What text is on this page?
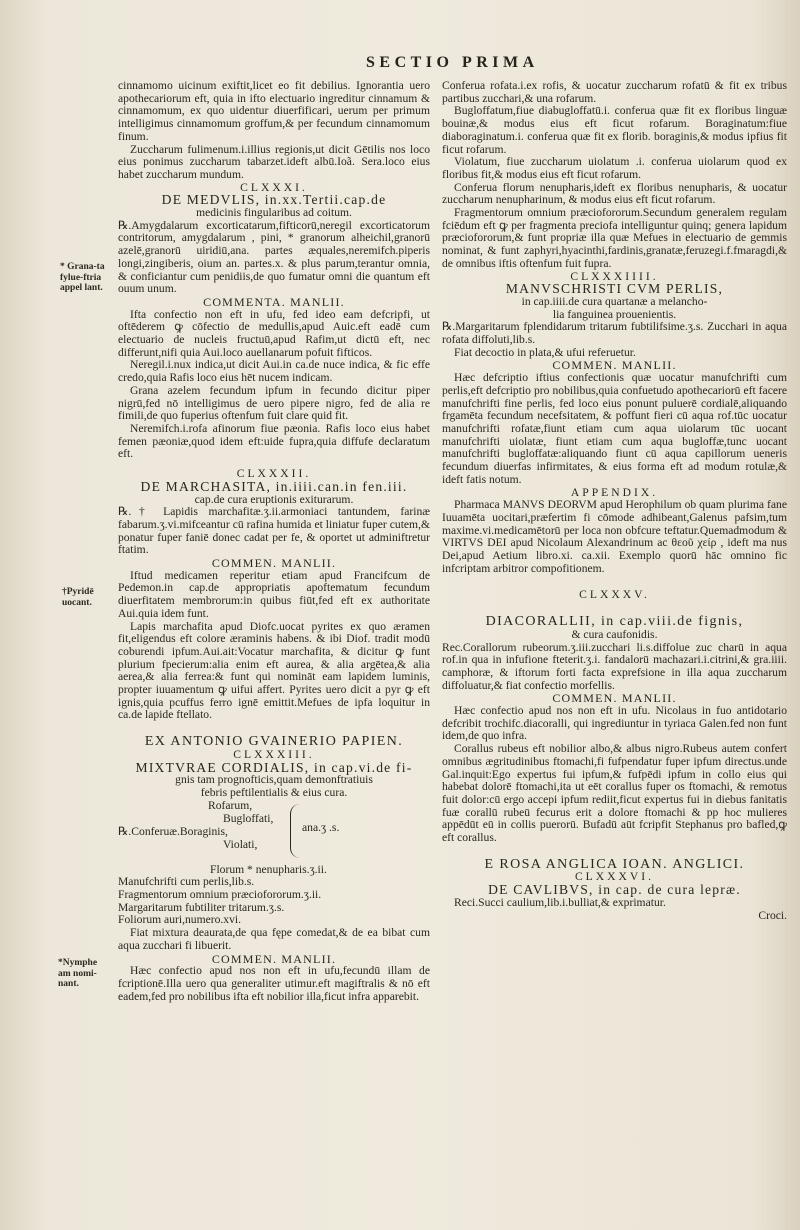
SECTIO PRIMA
* Grana-ta fylue-ftria appel lant.
†Pyridē uocant.
*Nymphe am nomi-nant.

cinnamomo uicinum exiftit,licet eo fit debilius. Ignorantia uero apothecariorum eft, quia in ifto electuario ingreditur cinnamum & cinnamomum, ex quo uidentur diuerfificari, uerum per primum intelligimus cinnamomum groffum,& per fecundum cinnamomum finum.

Zuccharum fulimenum.i.illius regionis,ut dicit Gētilis nos loco eius ponimus zuccharum tabarzet.ideft albū.Ioã. Sera.loco eius habet zuccharum mundum.

CLXXXI.

DE MEDVLIS, in.xx.Tertii.cap.de

medicinis fingularibus ad coitum.

℞.Amygdalarum excorticatarum,fifticorū,neregil excorticatorum contritorum, amygdalarum , pini, * granorum alheichil,granorū azelē,granorū uiridiū,ana. partes æquales,neremifch.piperis longi,zingiberis, oium an. partes.x. & plus parum,terantur omnia, & conficiantur cum penidiis,de quo fumatur omni die quantum eft ouum unum.

COMMENTA. MANLII.

Ifta confectio non eft in ufu, fed ideo eam defcripfi, ut oftēderem ꝙ cōfectio de medullis,apud Auic.eft eadē cum electuario de nucleis fructuū,apud Rafim,ut dictū eft, nec differunt,nifi quia Aui.loco auellanarum pofuit fifticos.

Neregil.i.nux indica,ut dicit Aui.in ca.de nuce indica, & fic effe credo,quia Rafis loco eius hēt nucem indicam.

Grana azelem fecundum ipfum in fecundo dicitur piper nigrū,fed nō intelligimus de uero pipere nigro, fed de alia re fimili,de quo fuperius oftenfum fuit clare quid fit.

Neremifch.i.rofa afinorum fiue pæonia. Rafis loco eius habet femen pæoniæ,quod idem eft:uide fupra,quia diffufe declaratum eft.

CLXXXII.

DE MARCHASITA, in.iiii.can.in fen.iii.

cap.de cura eruptionis exiturarum.

℞.† Lapidis marchafitæ.ʒ.ii.armoniaci tantundem, farinæ fabarum.ʒ.vi.mifceantur cū rafina humida et liniatur fuper cutem,& ponatur fuper faniē donec cadat per fe, & oportet ut adminiftretur ftatim.

COMMEN. MANLII.

Iftud medicamen reperitur etiam apud Francifcum de Pedemon.in cap.de appropriatis apoftematum fecundum diuerfitatem membrorum:in quibus fiūt,fed eft ex authoritate Aui.quia idem funt.

Lapis marchafita apud Diofc.uocat pyrites ex quo æramen fit,eligendus eft colore æraminis habens. & ibi Diof. tradit modū coburendi ipfum.Aui.ait:Vocatur marchafita, & dicitur ꝙ funt plurium fpecierum:alia enim eft aurea, & alia argētea,& alia aerea,& alia ferrea:& funt qui nomināt eam lapidem luminis, propter iuuamentum ꝙ uifui affert. Pyrites uero dicit a pyr ꝙ eft ignis,quia pcuffus ferro ignē emittit.Mefues de ipfa loquitur in ca.de lapide ftellato.

EX ANTONIO GVAINERIO PAPIEN.

CLXXXIII.

MIXTVRAE CORDIALIS, in cap.vi.de fi-

gnis tam prognofticis,quam demonftratiuis

febris peftilentialis & eius cura.

Rofarum,
Bugloffati,
℞.Conferuæ.Boraginis,
Violati,
ana.ʒ .s.

Florum * nenupharis.ʒ.ii.

Manufchrifti cum perlis,lib.s.

Fragmentorum omnium præciofororum.ʒ.ii.

Margaritarum fubtiliter tritarum.ʒ.s.

Foliorum auri,numero.xvi.

Fiat mixtura deaurata,de qua fępe comedat,& de ea bibat cum aqua zucchari fi libuerit.

COMMEN. MANLII.

Hæc confectio apud nos non eft in ufu,fecundū illam de fcriptionē.Illa uero qua generaliter utimur.eft magiftralis & nō eft eadem,fed pro nobilibus ifta eft nobilior illa,ficut infra apparebit.

Conferua rofata.i.ex rofis, & uocatur zuccharum rofatū & fit ex tribus partibus zucchari,& una rofarum.

Bugloffatum,fiue diabugloffatū.i. conferua quæ fit ex floribus linguæ bouinæ,& modus eius eft ficut rofarum. Boraginatum:fiue diaboraginatum.i. conferua quæ fit ex florib. boraginis,& modus ipfius fit ficut rofarum.

Violatum, fiue zuccharum uiolatum .i. conferua uiolarum quod ex floribus fit,& modus eius eft ficut rofarum.

Conferua florum nenupharis,ideft ex floribus nenupharis, & uocatur zuccharum nenupharinum, & modus eius eft ficut rofarum.

Fragmentorum omnium præciofororum.Secundum generalem regulam fciēdum eft ꝙ per fragmenta preciofa intelliguntur quinq; genera lapidum præciofororum,& funt propriæ illa quæ Mefues in electuario de gemmis nominat, & funt zaphyri,hyacinthi,fardinis,granatæ,feruzegi.f.fmaragdi,& de omnibus iftis oftenfum fuit fupra.

CLXXXIIII.

MANVSCHRISTI CVM PERLIS,

in cap.iiii.de cura quartanæ a melancho-

lia fanguinea prouenientis.

℞.Margaritarum fplendidarum tritarum fubtilifsime.ʒ.s. Zucchari in aqua rofata diffoluti,lib.s.

Fiat decoctio in plata,& ufui referuetur.

COMMEN. MANLII.

Hæc defcriptio iftius confectionis quæ uocatur manufchrifti cum perlis,eft defcriptio pro nobilibus,quia confuetudo apothecariorū eft facere manufchrifti fine perlis, fed loco eius ponunt puluerē cordialē,aliquando frgamēta fecundum necefsitatem, & poffunt fieri cū aqua rof.tūc uocatur manufchrifti rofatæ,fiunt etiam cum aqua uiolarum tūc uocant manufchrifti uiolatæ, fiunt etiam cum aqua bugloffæ,tunc uocant manufchrifti bugloffatæ:aliquando fiunt cū aqua capillorum ueneris fecundum diuerfas infirmitates, & eius forma eft ad modum rotulæ,& ideft fatis notum.

APPENDIX.

Pharmaca MANVS DEORVM apud Herophilum ob quam plurima fane Iuuamēta uocitari,præfertim fi cōmode adhibeant,Galenus pafsim,tum maxime.vi.medicamētorū per loca non obfcure teftatur.Quemadmodum & VIRTVS DEI apud Nicolaum Alexandrinum ac θεοῦ χείρ , ideft ma nus Dei,apud Aetium libro.xi. ca.xii. Exemplo quorū hāc omnino fic infcriptam arbitror compofitionem.

CLXXXV.

DIACORALLII, in cap.viii.de fignis,

& cura caufonidis.

Rec.Corallorum rubeorum.ʒ.iii.zucchari li.s.diffolue zuc charū in aqua rof.in qua in infufione fteterit.ʒ.i. fandalorū machazari.i.citrini,& gra.iiii. camphoræ, & iftorum forti facta exprefsione in illa aqua zuccharum diffoluatur,& fiat confectio morfellis.

COMMEN. MANLII.

Hæc confectio apud nos non eft in ufu. Nicolaus in fuo antidotario defcribit trochifc.diacoralli, qui ingrediuntur in tyriaca Galen.fed non funt idem,de quo infra.

Corallus rubeus eft nobilior albo,& albus nigro.Rubeus autem confert omnibus ægritudinibus ftomachi,fi fufpendatur fuper ipfum directus.unde Gal.inquit:Ego expertus fui ipfum,& fufpēdi ipfum in collo eius qui habebat dolorē ftomachi,ita ut eēt corallus fuper os ftomachi, & remotus fuit dolor:cū ergo accepi ipfum rediit,ficut expertus fui in diebus fanitatis fuæ corallū rubeū fecurus erit a dolore ftomachi & pp hoc mulieres appēdūt eū in collis puerorū. Bufadū aūt fcripfit Stephanus pro bafled,ꝙ eft corallus.

E ROSA ANGLICA IOAN. ANGLICI.

CLXXXVI.

DE CAVLIBVS, in cap. de cura lepræ.

Reci.Succi caulium,lib.i.bulliat,& exprimatur.

Croci.
